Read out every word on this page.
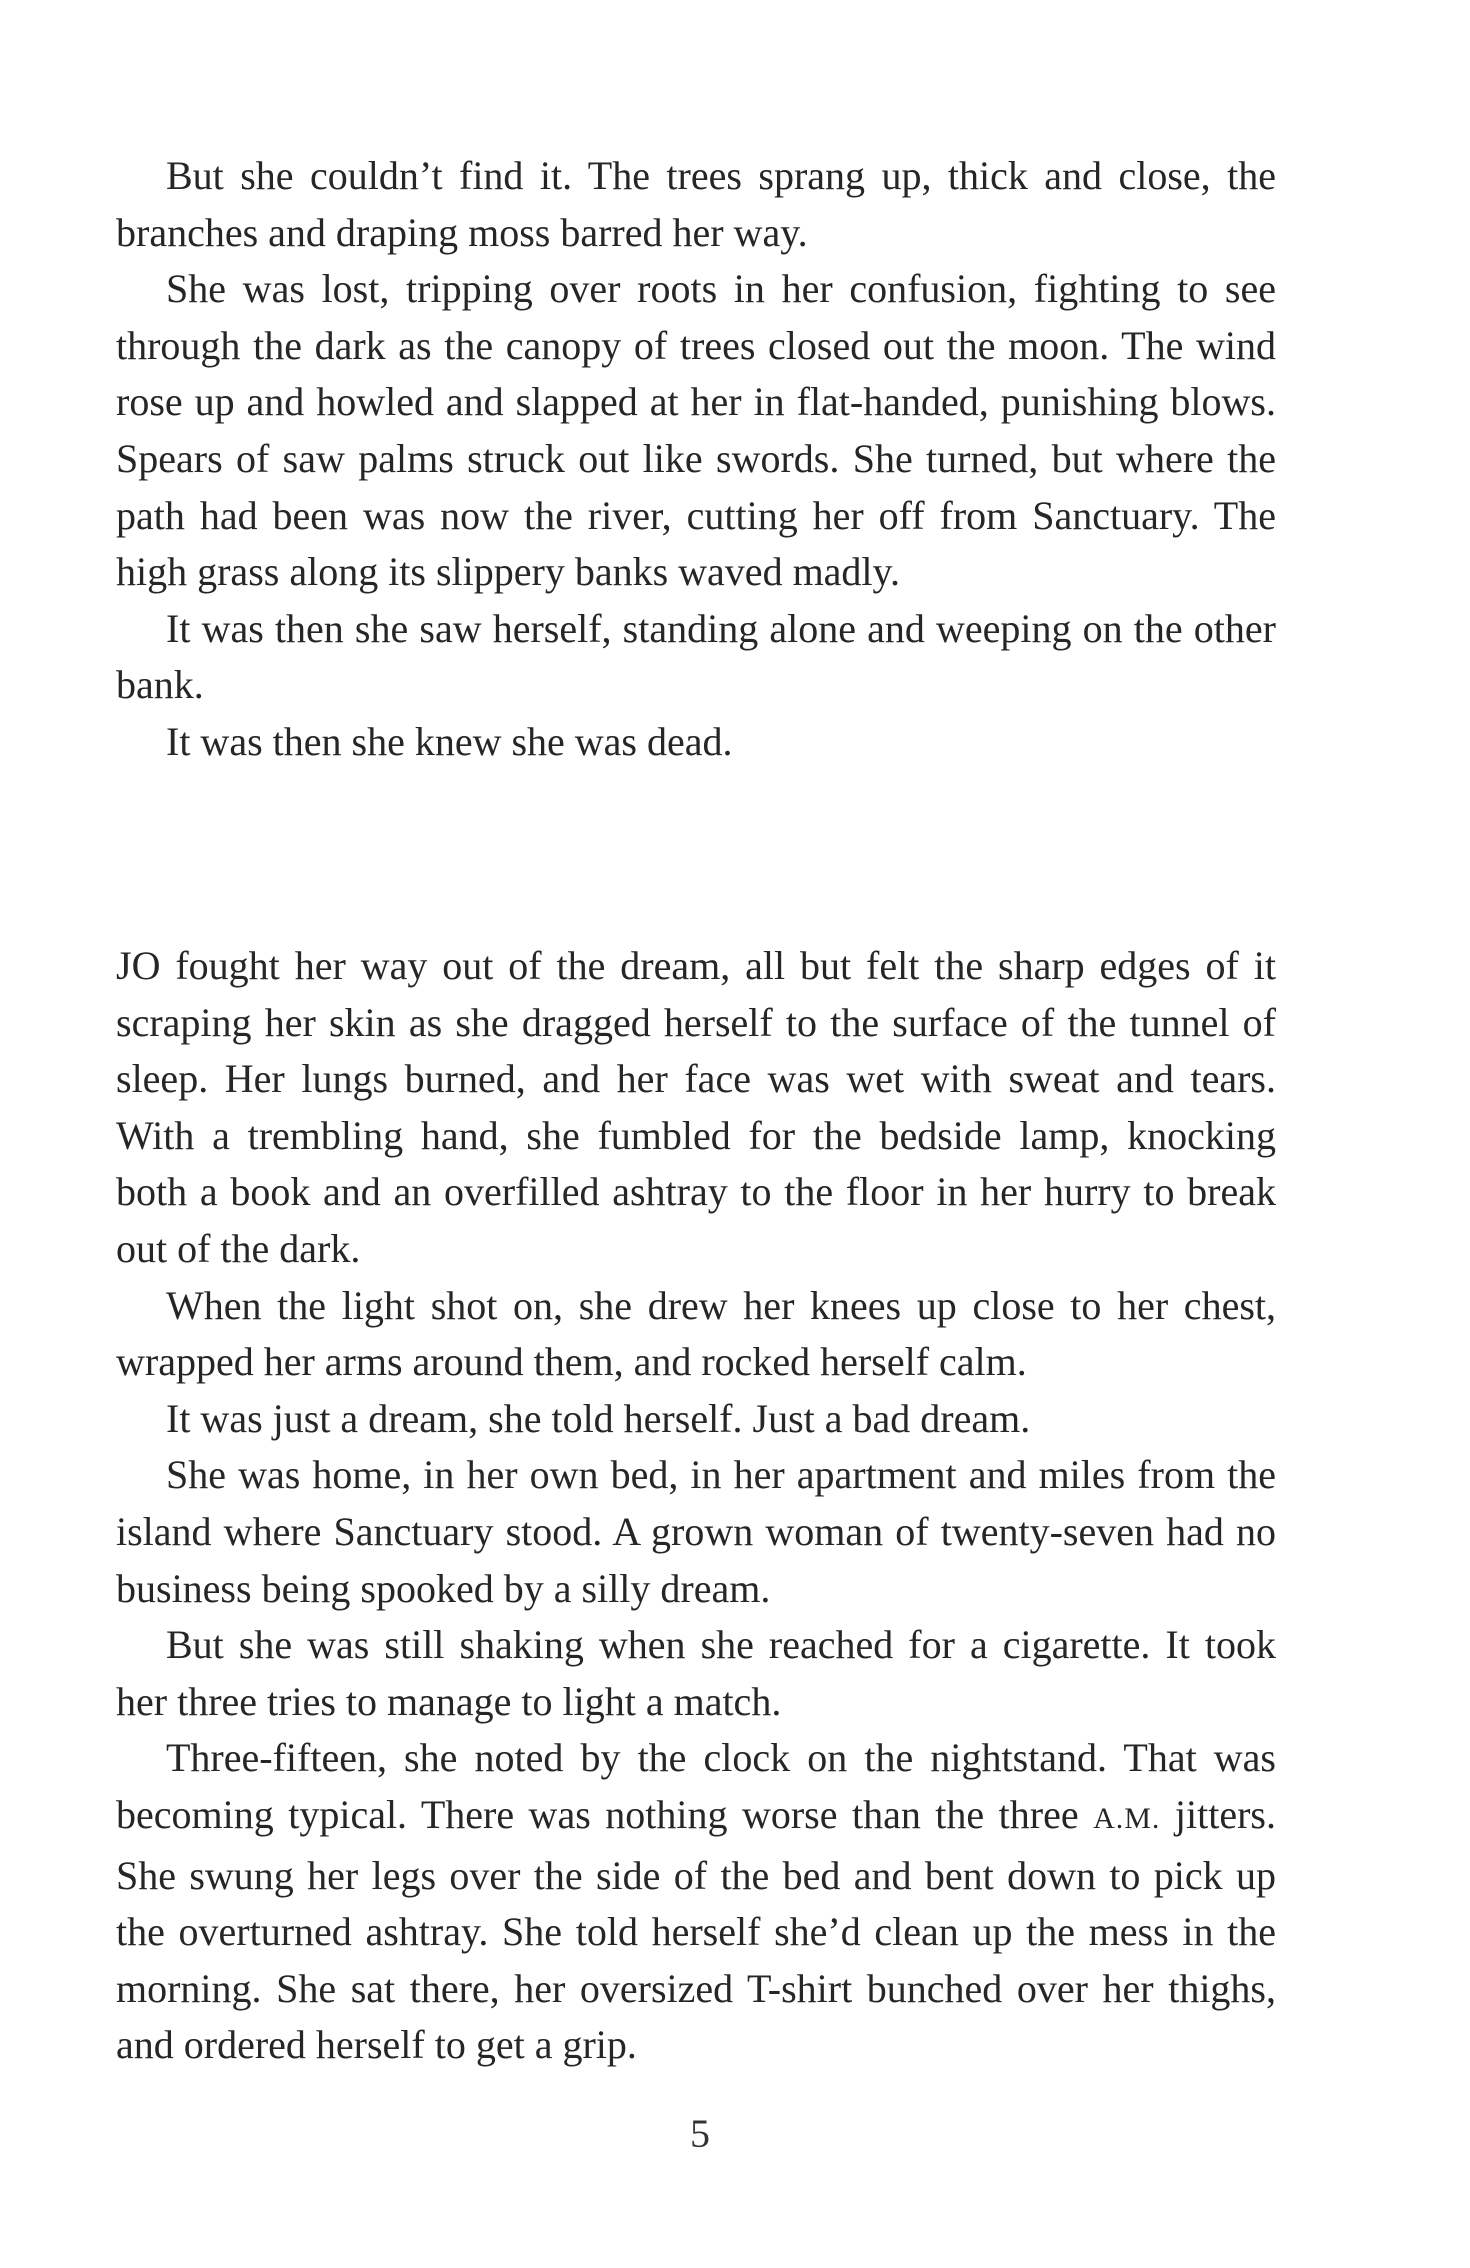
But she couldn’t find it. The trees sprang up, thick and close, the branches and draping moss barred her way.

She was lost, tripping over roots in her confusion, fighting to see through the dark as the canopy of trees closed out the moon. The wind rose up and howled and slapped at her in flat-handed, punishing blows. Spears of saw palms struck out like swords. She turned, but where the path had been was now the river, cutting her off from Sanctuary. The high grass along its slippery banks waved madly.

It was then she saw herself, standing alone and weeping on the other bank.

It was then she knew she was dead.

JO fought her way out of the dream, all but felt the sharp edges of it scraping her skin as she dragged herself to the surface of the tunnel of sleep. Her lungs burned, and her face was wet with sweat and tears. With a trembling hand, she fumbled for the bedside lamp, knocking both a book and an overfilled ashtray to the floor in her hurry to break out of the dark.

When the light shot on, she drew her knees up close to her chest, wrapped her arms around them, and rocked herself calm.

It was just a dream, she told herself. Just a bad dream.

She was home, in her own bed, in her apartment and miles from the island where Sanctuary stood. A grown woman of twenty-seven had no business being spooked by a silly dream.

But she was still shaking when she reached for a cigarette. It took her three tries to manage to light a match.

Three-fifteen, she noted by the clock on the nightstand. That was becoming typical. There was nothing worse than the three A.M. jitters. She swung her legs over the side of the bed and bent down to pick up the overturned ashtray. She told herself she’d clean up the mess in the morning. She sat there, her oversized T-shirt bunched over her thighs, and ordered herself to get a grip.

5
